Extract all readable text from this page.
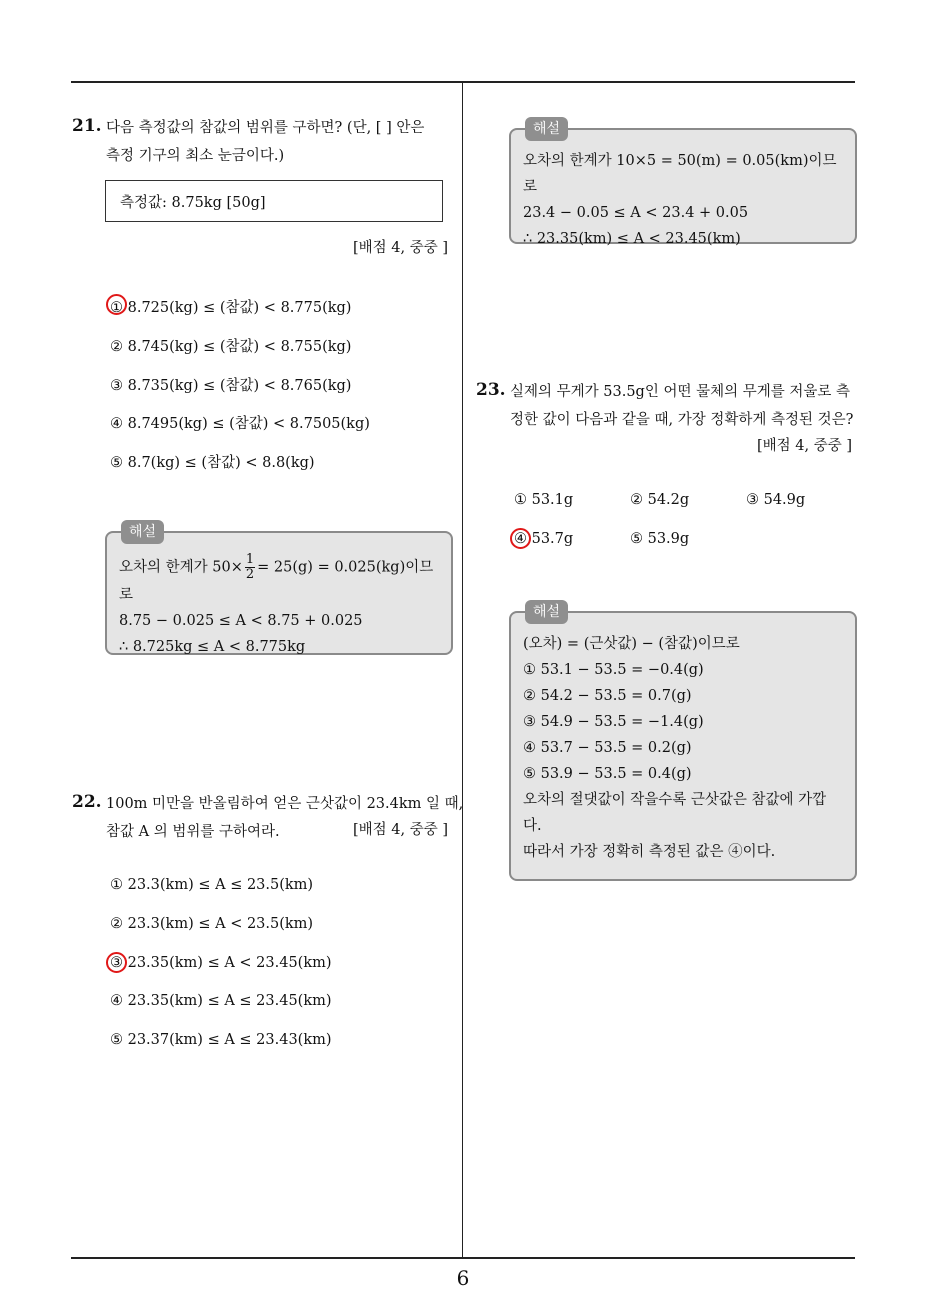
6
21. 다음 측정값의 참값의 범위를 구하면? (단, [ ] 안은
측정 기구의 최소 눈금이다.)
측정값: 8.75kg [50g]
[배점 4, 중중 ]
① 8.725(kg) ≤ (참값) < 8.775(kg)
② 8.745(kg) ≤ (참값) < 8.755(kg)
③ 8.735(kg) ≤ (참값) < 8.765(kg)
④ 8.7495(kg) ≤ (참값) < 8.7505(kg)
⑤ 8.7(kg) ≤ (참값) < 8.8(kg)
해설
오차의 한계가 $50\times \frac{1}{2} = 25(g) = 0.025(kg)$이므로
8.75 − 0.025 ≤ A < 8.75 + 0.025
∴ 8.725kg ≤ A < 8.775kg
22. 100m 미만을 반올림하여 얻은 근삿값이 23.4km 일 때,
참값 A 의 범위를 구하여라.	[배점 4, 중중 ]
① 23.3(km) ≤ A ≤ 23.5(km)
② 23.3(km) ≤ A < 23.5(km)
③ 23.35(km) ≤ A < 23.45(km)
④ 23.35(km) ≤ A ≤ 23.45(km)
⑤ 23.37(km) ≤ A ≤ 23.43(km)
해설
오차의 한계가 10×5 = 50(m) = 0.05(km)이므로
23.4 − 0.05 ≤ A < 23.4 + 0.05
∴ 23.35(km) ≤ A < 23.45(km)
23. 실제의 무게가 53.5g인 어떤 물체의 무게를 저울로 측
정한 값이 다음과 같을 때, 가장 정확하게 측정된 것은?
[배점 4, 중중 ]
① 53.1g	② 54.2g	③ 54.9g
④ 53.7g	⑤ 53.9g
해설
(오차) = (근삿값) − (참값)이므로
① 53.1 − 53.5 = −0.4(g)
② 54.2 − 53.5 = 0.7(g)
③ 54.9 − 53.5 = −1.4(g)
④ 53.7 − 53.5 = 0.2(g)
⑤ 53.9 − 53.5 = 0.4(g)
오차의 절댓값이 작을수록 근삿값은 참값에 가깝
다.
따라서 가장 정확히 측정된 값은 ④이다.
